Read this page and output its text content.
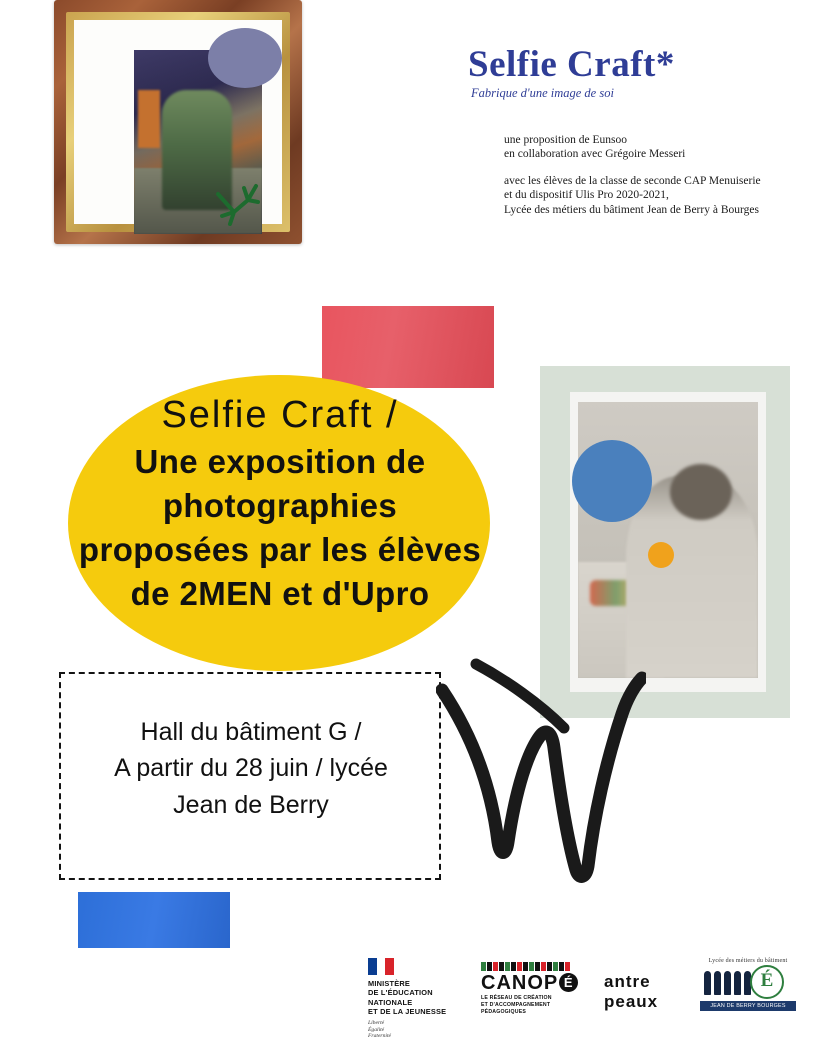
Selfie Craft*
Fabrique d'une image de soi
une proposition de Eunsoo
en collaboration avec Grégoire Messeri
avec les élèves de la classe de seconde CAP Menuiserie
et du dispositif Ulis Pro 2020-2021,
Lycée des métiers du bâtiment Jean de Berry à Bourges
Selfie Craft /
Une exposition de
photographies
proposées par les élèves
de 2MEN et d'Upro
Hall du bâtiment G /
A partir du 28 juin / lycée
Jean de Berry
MINISTÈRE
DE L'ÉDUCATION
NATIONALE
ET DE LA JEUNESSE
Liberté
Égalité
Fraternité
CANOP É
LE RÉSEAU DE CRÉATION
ET D'ACCOMPAGNEMENT PÉDAGOGIQUES
antre
peaux
Lycée des métiers du bâtiment
É
JEAN DE BERRY BOURGES
